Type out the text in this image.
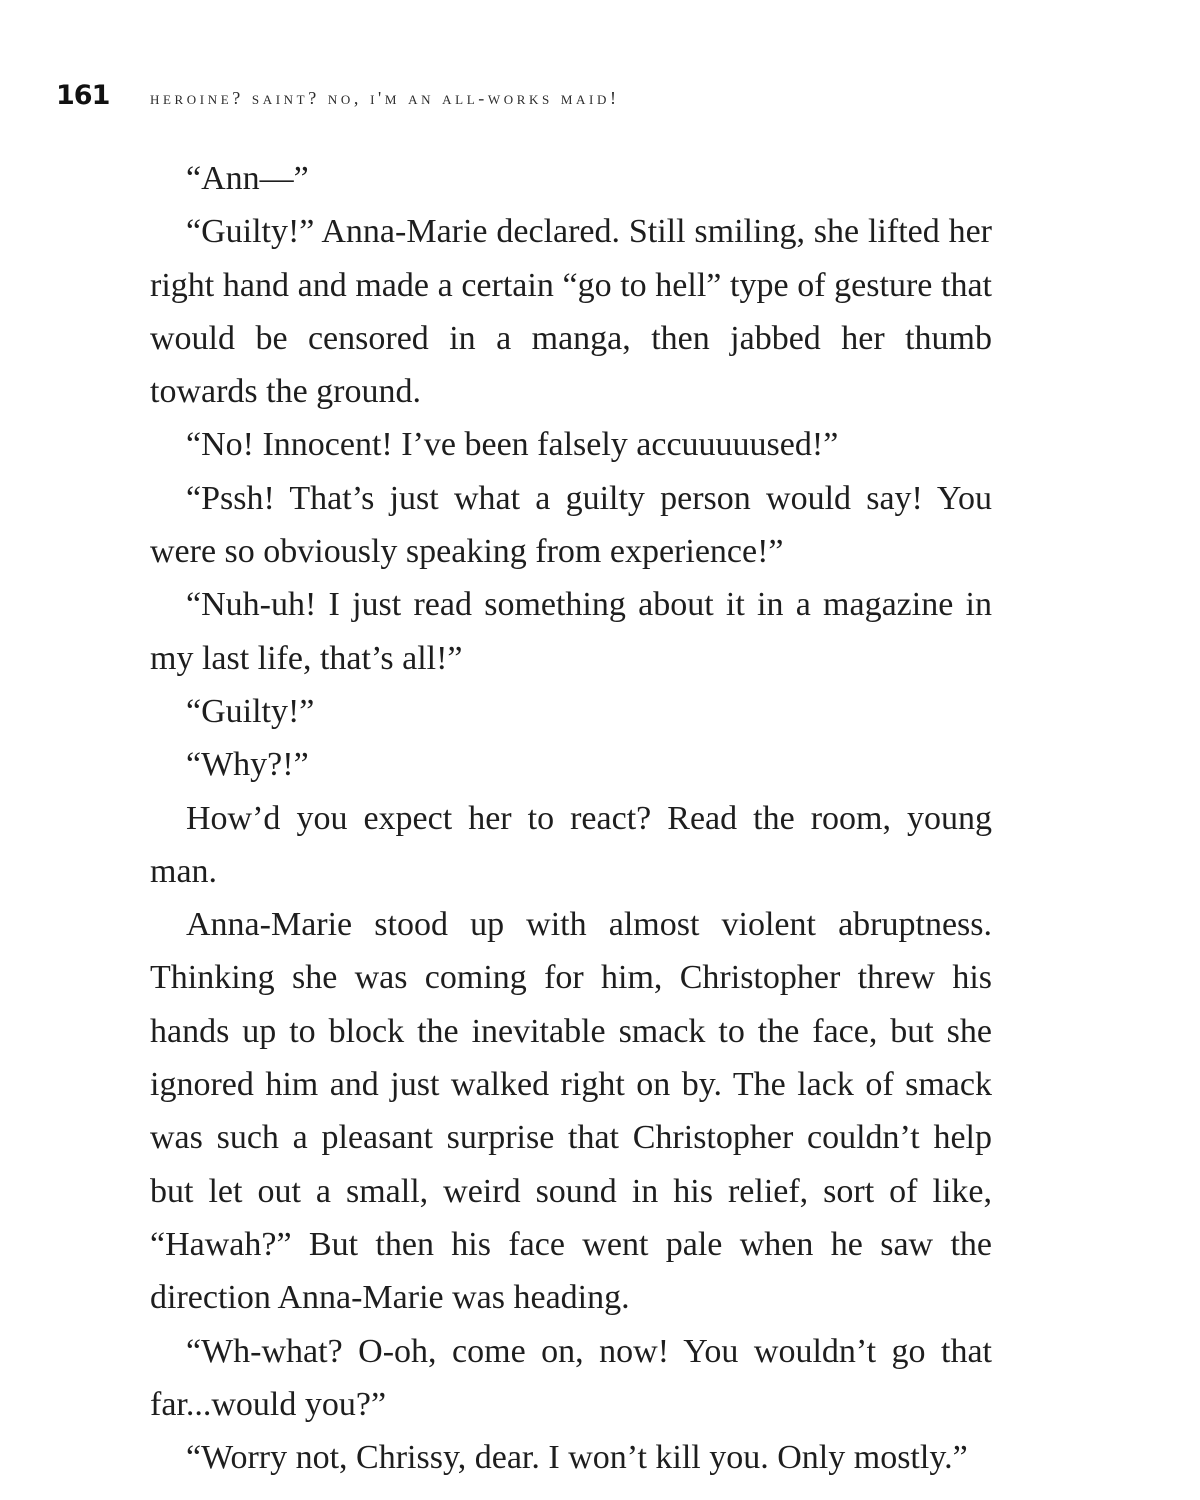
161	heroine? saint? no, i'm an all-works maid!

“Ann—”

“Guilty!” Anna-Marie declared. Still smiling, she lifted her right hand and made a certain “go to hell” type of gesture that would be censored in a manga, then jabbed her thumb towards the ground.

“No! Innocent! I’ve been falsely accuuuuused!”

“Pssh! That’s just what a guilty person would say! You were so obviously speaking from experience!”

“Nuh-uh! I just read something about it in a magazine in my last life, that’s all!”

“Guilty!”

“Why?!”

How’d you expect her to react? Read the room, young man.

Anna-Marie stood up with almost violent abruptness. Thinking she was coming for him, Christopher threw his hands up to block the inevitable smack to the face, but she ignored him and just walked right on by. The lack of smack was such a pleasant surprise that Christopher couldn’t help but let out a small, weird sound in his relief, sort of like, “Hawah?” But then his face went pale when he saw the direction Anna-Marie was heading.

“Wh-what? O-oh, come on, now! You wouldn’t go that far...would you?”

“Worry not, Chrissy, dear. I won’t kill you. Only mostly.”
